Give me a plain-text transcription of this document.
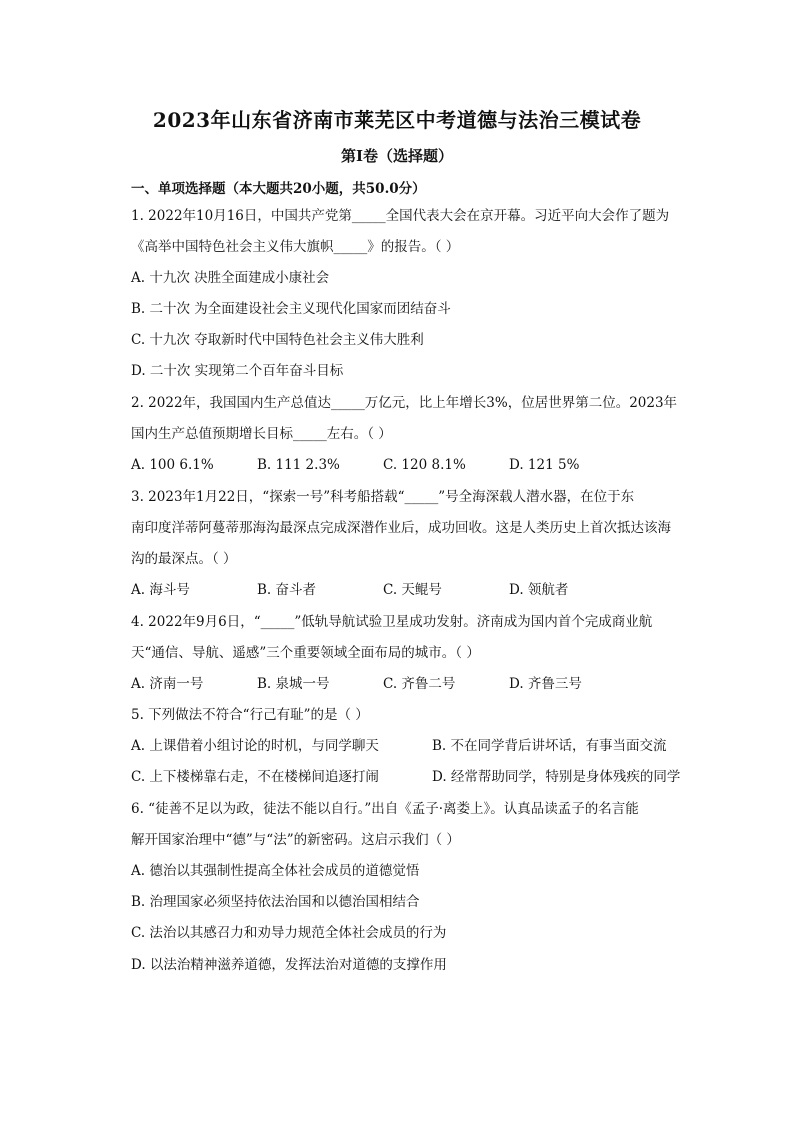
2023年山东省济南市莱芜区中考道德与法治三模试卷
第I卷（选择题）
一、单项选择题（本大题共20小题，共50.0分）
1. 2022年10月16日，中国共产党第_____全国代表大会在京开幕。习近平向大会作了题为
《高举中国特色社会主义伟大旗帜_____》的报告。（ ）
A. 十九次 决胜全面建成小康社会
B. 二十次 为全面建设社会主义现代化国家而团结奋斗
C. 十九次 夺取新时代中国特色社会主义伟大胜利
D. 二十次 实现第二个百年奋斗目标
2. 2022年，我国国内生产总值达_____万亿元，比上年增长3%，位居世界第二位。2023年
国内生产总值预期增长目标_____左右。（ ）
A. 100 6.1%	B. 111 2.3%	C. 120 8.1%	D. 121 5%
3. 2023年1月22日，“探索一号”科考船搭载“_____”号全海深载人潜水器，在位于东
南印度洋蒂阿蔓蒂那海沟最深点完成深潜作业后，成功回收。这是人类历史上首次抵达该海
沟的最深点。（ ）
A. 海斗号	B. 奋斗者	C. 天鲲号	D. 领航者
4. 2022年9月6日，“_____”低轨导航试验卫星成功发射。济南成为国内首个完成商业航
天“通信、导航、遥感”三个重要领域全面布局的城市。（ ）
A. 济南一号	B. 泉城一号	C. 齐鲁二号	D. 齐鲁三号
5. 下列做法不符合“行己有耻”的是（ ）
A. 上课借着小组讨论的时机，与同学聊天	B. 不在同学背后讲坏话，有事当面交流
C. 上下楼梯靠右走，不在楼梯间追逐打闹	D. 经常帮助同学，特别是身体残疾的同学
6. “徒善不足以为政，徒法不能以自行。”出自《孟子·离娄上》。认真品读孟子的名言能
解开国家治理中“德”与“法”的新密码。这启示我们（ ）
A. 德治以其强制性提高全体社会成员的道德觉悟
B. 治理国家必须坚持依法治国和以德治国相结合
C. 法治以其感召力和劝导力规范全体社会成员的行为
D. 以法治精神滋养道德，发挥法治对道德的支撑作用
